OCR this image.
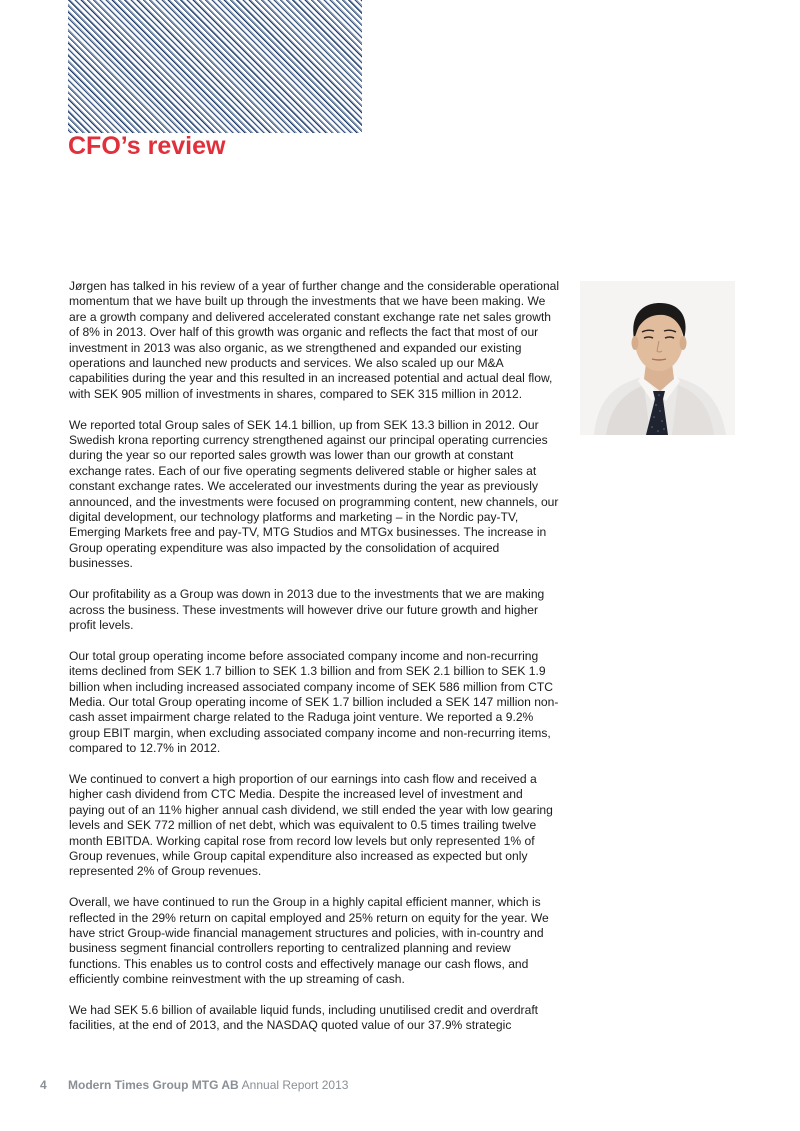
CFO’s review

Jørgen has talked in his review of a year of further change and the considerable operational momentum that we have built up through the investments that we have been making. We are a growth company and delivered accelerated constant exchange rate net sales growth of 8% in 2013. Over half of this growth was organic and reflects the fact that most of our investment in 2013 was also organic, as we strengthened and expanded our existing operations and launched new products and services. We also scaled up our M&A capabilities during the year and this resulted in an increased potential and actual deal flow, with SEK 905 million of investments in shares, compared to SEK 315 million in 2012.

We reported total Group sales of SEK 14.1 billion, up from SEK 13.3 billion in 2012. Our Swedish krona reporting currency strengthened against our principal operating currencies during the year so our reported sales growth was lower than our growth at constant exchange rates. Each of our five operating segments delivered stable or higher sales at constant exchange rates. We accelerated our investments during the year as previously announced, and the investments were focused on programming content, new channels, our digital development, our technology platforms and marketing – in the Nordic pay-TV, Emerging Markets free and pay-TV, MTG Studios and MTGx businesses. The increase in Group operating expenditure was also impacted by the consolidation of acquired businesses.

Our profitability as a Group was down in 2013 due to the investments that we are making across the business. These investments will however drive our future growth and higher profit levels.

Our total group operating income before associated company income and non-recurring items declined from SEK 1.7 billion to SEK 1.3 billion and from SEK 2.1 billion to SEK 1.9 billion when including increased associated company income of SEK 586 million from CTC Media. Our total Group operating income of SEK 1.7 billion included a SEK 147 million non-cash asset impairment charge related to the Raduga joint venture. We reported a 9.2% group EBIT margin, when excluding associated company income and non-recurring items, compared to 12.7% in 2012.

We continued to convert a high proportion of our earnings into cash flow and received a higher cash dividend from CTC Media. Despite the increased level of investment and paying out of an 11% higher annual cash dividend, we still ended the year with low gearing levels and SEK 772 million of net debt, which was equivalent to 0.5 times trailing twelve month EBITDA. Working capital rose from record low levels but only represented 1% of Group revenues, while Group capital expenditure also increased as expected but only represented 2% of Group revenues.

Overall, we have continued to run the Group in a highly capital efficient manner, which is reflected in the 29% return on capital employed and 25% return on equity for the year. We have strict Group-wide financial management structures and policies, with in-country and business segment financial controllers reporting to centralized planning and review functions. This enables us to control costs and effectively manage our cash flows, and efficiently combine reinvestment with the up streaming of cash.

We had SEK 5.6 billion of available liquid funds, including unutilised credit and overdraft facilities, at the end of 2013, and the NASDAQ quoted value of our 37.9% strategic

4 Modern Times Group MTG AB Annual Report 2013
